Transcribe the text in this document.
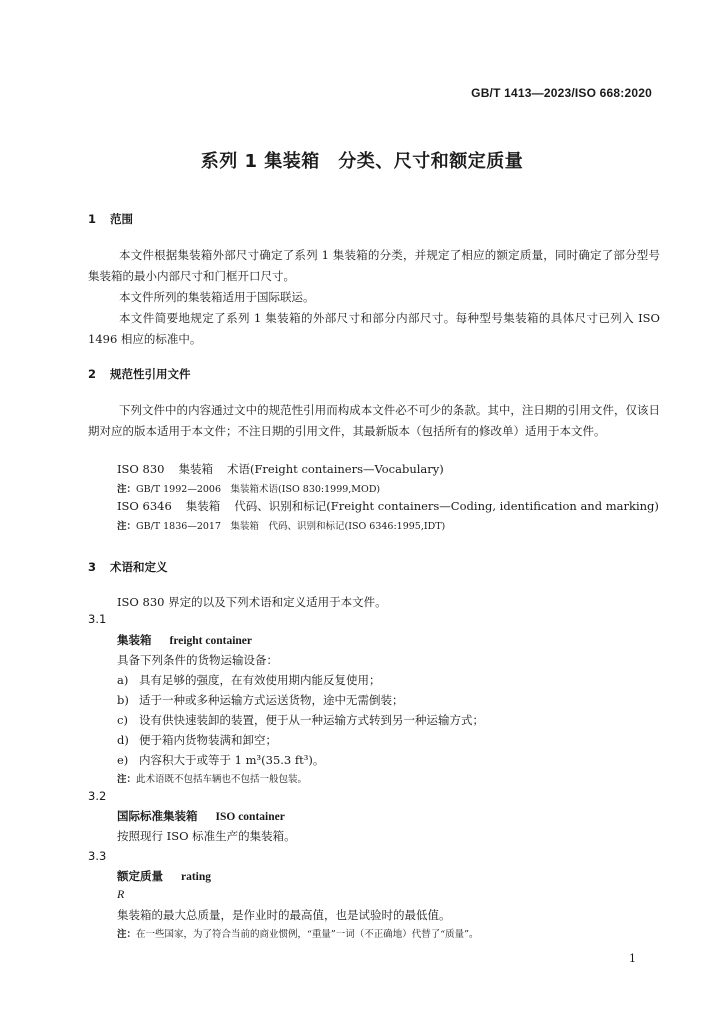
GB/T 1413—2023/ISO 668:2020
系列 1 集装箱　分类、尺寸和额定质量
1 范围

本文件根据集装箱外部尺寸确定了系列 1 集装箱的分类，并规定了相应的额定质量，同时确定了部分型号集装箱的最小内部尺寸和门框开口尺寸。

本文件所列的集装箱适用于国际联运。

本文件简要地规定了系列 1 集装箱的外部尺寸和部分内部尺寸。每种型号集装箱的具体尺寸已列入 ISO 1496 相应的标准中。

2 规范性引用文件

下列文件中的内容通过文中的规范性引用而构成本文件必不可少的条款。其中，注日期的引用文件，仅该日期对应的版本适用于本文件；不注日期的引用文件，其最新版本（包括所有的修改单）适用于本文件。

ISO 830 集装箱 术语(Freight containers—Vocabulary)
注：GB/T 1992—2006　集装箱术语(ISO 830:1999,MOD)
ISO 6346 集装箱 代码、识别和标记(Freight containers—Coding, identification and marking)
注：GB/T 1836—2017　集装箱　代码、识别和标记(ISO 6346:1995,IDT)
3 术语和定义
ISO 830 界定的以及下列术语和定义适用于本文件。
3.1
集装箱 freight container
具备下列条件的货物运输设备：
a) 具有足够的强度，在有效使用期内能反复使用；
b) 适于一种或多种运输方式运送货物，途中无需倒装；
c) 设有供快速装卸的装置，便于从一种运输方式转到另一种运输方式；
d) 便于箱内货物装满和卸空；
e) 内容积大于或等于 1 m³(35.3 ft³)。
注：此术语既不包括车辆也不包括一般包装。
3.2
国际标准集装箱 ISO container
按照现行 ISO 标准生产的集装箱。
3.3
额定质量 rating
R
集装箱的最大总质量，是作业时的最高值，也是试验时的最低值。
注：在一些国家，为了符合当前的商业惯例，“重量”一词（不正确地）代替了“质量”。
1
